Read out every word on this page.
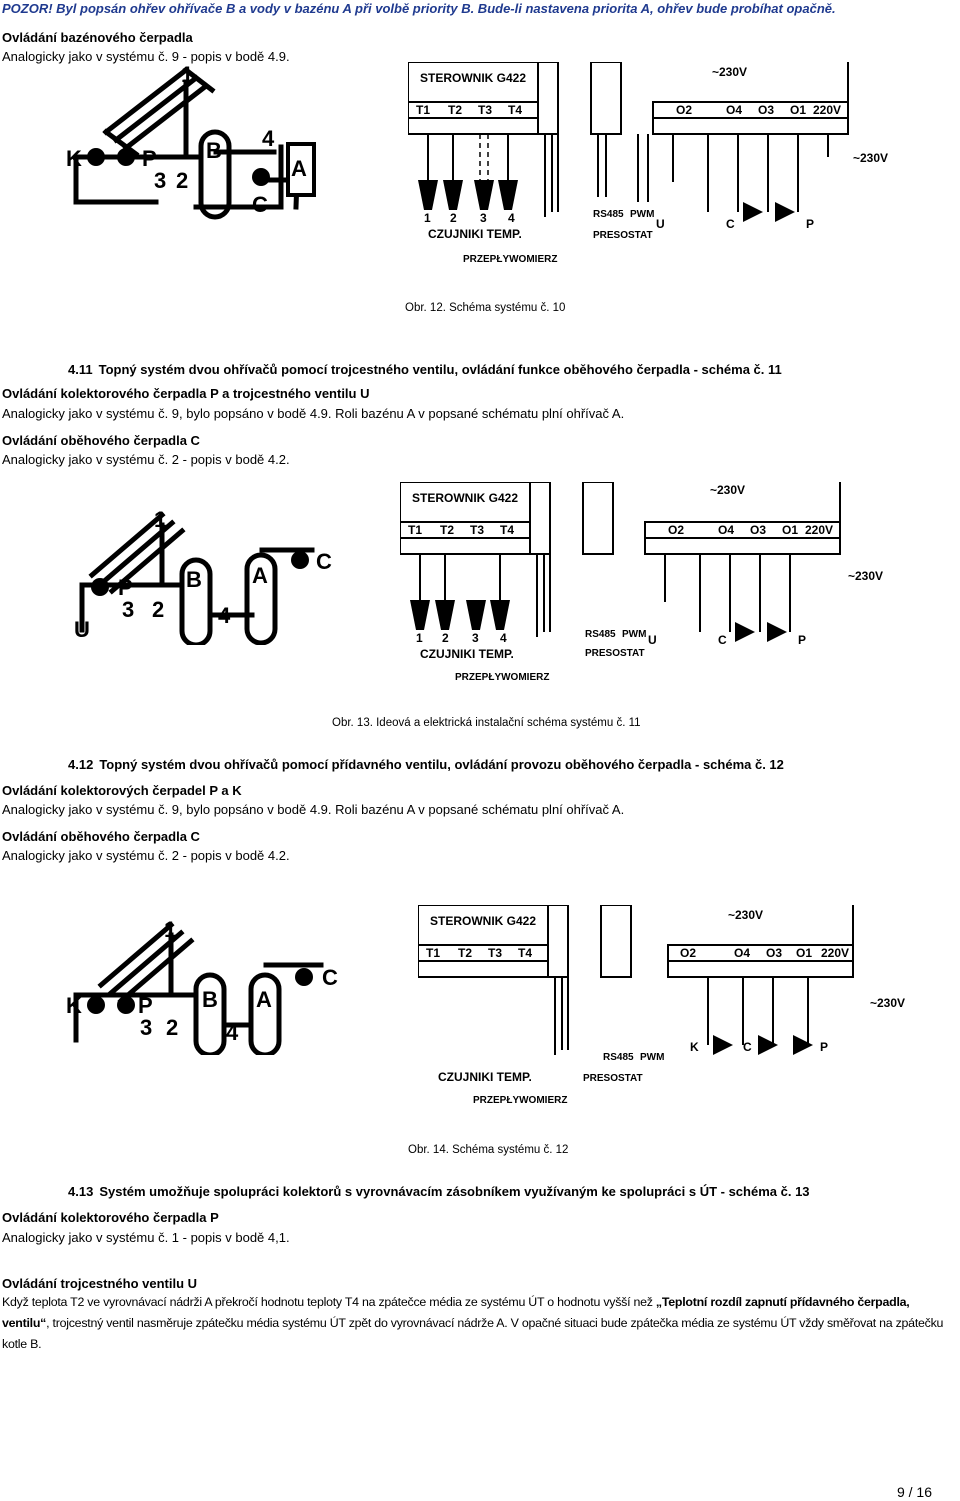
POZOR! Byl popsán ohřev ohřívače B a vody v bazénu A při volbě priority B. Bude-li nastavena priorita A, ohřev bude probíhat opačně.
Ovládání bazénového čerpadla
Analogicky jako v systému č. 9 - popis v bodě 4.9.
1
3 2
4
K	P B
A
C
STEROWNIK G422
T1 T2 T3 T4	O2	O4 O3 O1 220V
~230V
~230V
1 2 3 4
CZUJNIKI TEMP.
PRZEPŁYWOMIERZ
RS485 PWM
PRESOSTAT
U	C	P
Obr. 12. Schéma systému č. 10
4.11 Topný systém dvou ohřívačů pomocí trojcestného ventilu, ovládání funkce oběhového čerpadla - schéma č. 11
Ovládání kolektorového čerpadla P a trojcestného ventilu U
Analogicky jako v systému č. 9, bylo popsáno v bodě 4.9. Roli bazénu A v popsané schématu plní ohřívač A.
Ovládání oběhového čerpadla C
Analogicky jako v systému č. 2 - popis v bodě 4.2.
1
3 2 4
P B A
C
U
STEROWNIK G422
T1 T2 T3 T4	O2	O4 O3 O1 220V
~230V
~230V
1 2 3 4
CZUJNIKI TEMP.
PRZEPŁYWOMIERZ
RS485 PWM
PRESOSTAT
U	C	P
Obr. 13. Ideová a elektrická instalační schéma systému č. 11
4.12 Topný systém dvou ohřívačů pomocí přídavného ventilu, ovládání provozu oběhového čerpadla - schéma č. 12
Ovládání kolektorových čerpadel P a K
Analogicky jako v systému č. 9, bylo popsáno v bodě 4.9. Roli bazénu A v popsané schématu plní ohřívač A.
Ovládání oběhového čerpadla C
Analogicky jako v systému č. 2 - popis v bodě 4.2.
1
3 2 4
K	P B A
C
STEROWNIK G422
T1 T2 T3 T4	O2	O4 O3 O1 220V
~230V
~230V
CZUJNIKI TEMP.
PRZEPŁYWOMIERZ
RS485 PWM
PRESOSTAT
K	C	P
Obr. 14. Schéma systému č. 12
4.13 Systém umožňuje spolupráci kolektorů s vyrovnávacím zásobníkem využívaným ke spolupráci s ÚT - schéma č. 13
Ovládání kolektorového čerpadla P
Analogicky jako v systému č. 1 - popis v bodě 4,1.
Ovládání trojcestného ventilu U
Když teplota T2 ve vyrovnávací nádrži A překročí hodnotu teploty T4 na zpátečce média ze systému ÚT o hodnotu vyšší než „Teplotní rozdíl zapnutí přídavného čerpadla, ventilu“, trojcestný ventil nasměruje zpátečku média systému ÚT zpět do vyrovnávací nádrže A. V opačné situaci bude zpátečka média ze systému ÚT vždy směřovat na zpátečku kotle B.
9 / 16
